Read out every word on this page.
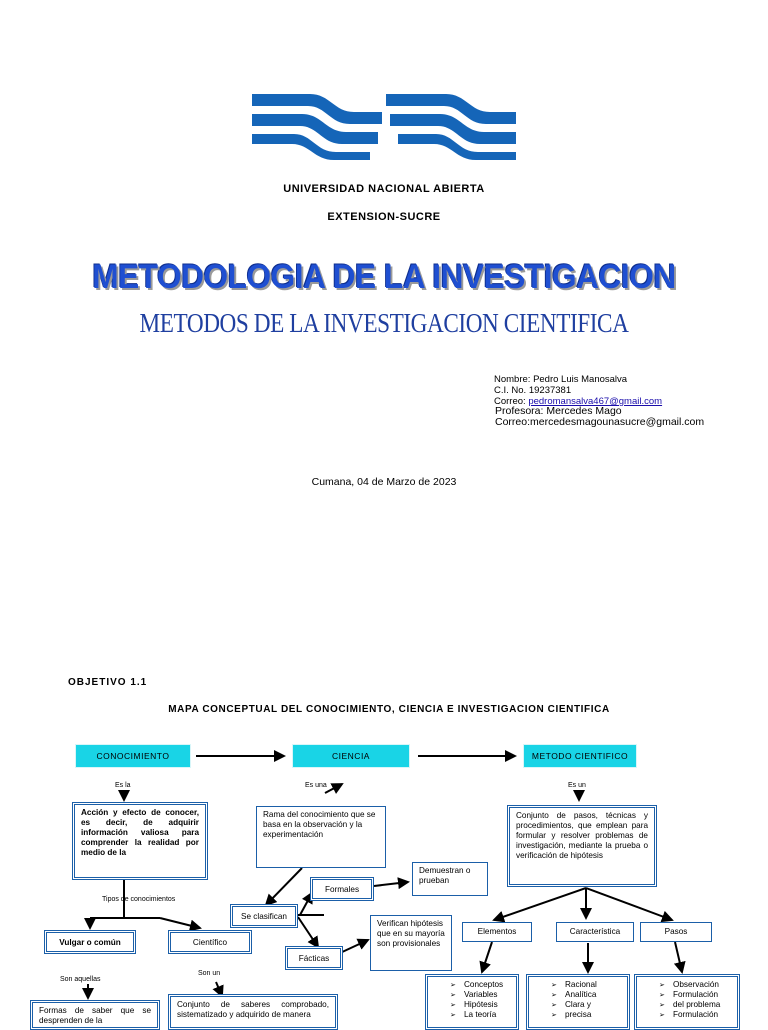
UNIVERSIDAD NACIONAL ABIERTA
EXTENSION-SUCRE
METODOLOGIA DE LA INVESTIGACION
METODOS DE LA INVESTIGACION CIENTIFICA
Nombre: Pedro Luis Manosalva
C.I. No. 19237381
Correo: pedromansalva467@gmail.com
Profesora: Mercedes Mago
Correo:mercedesmagounasucre@gmail.com
Cumana, 04 de Marzo de 2023
OBJETIVO 1.1
MAPA CONCEPTUAL DEL CONOCIMIENTO, CIENCIA E INVESTIGACION CIENTIFICA
CONOCIMIENTO	CIENCIA	METODO CIENTIFICO
Es la	Es una	Es un
Acción y efecto de conocer, es decir, de adquirir información valiosa para comprender la realidad por medio de la
Rama del conocimiento que se basa en la observación y la experimentación
Conjunto de pasos, técnicas y procedimientos, que emplean para formular y resolver problemas de investigación, mediante la prueba o verificación de hipótesis
Tipos de conocimientos
Vulgar o común	Científico
Son aquellas
Son un
Formas de saber que se desprenden de la
Conjunto de saberes comprobado, sistematizado y adquirido de manera
Se clasifican
Formales
Fácticas
Demuestran o prueban
Verifican hipótesis que en su mayoría son provisionales
Elementos	Característica	Pasos
➢ Conceptos
➢ Variables
➢ Hipótesis
➢ La teoría
➢ Racional
➢ Analítica
➢ Clara y
➢ precisa
➢ Observación
➢ Formulación
➢ del problema
➢ Formulación
